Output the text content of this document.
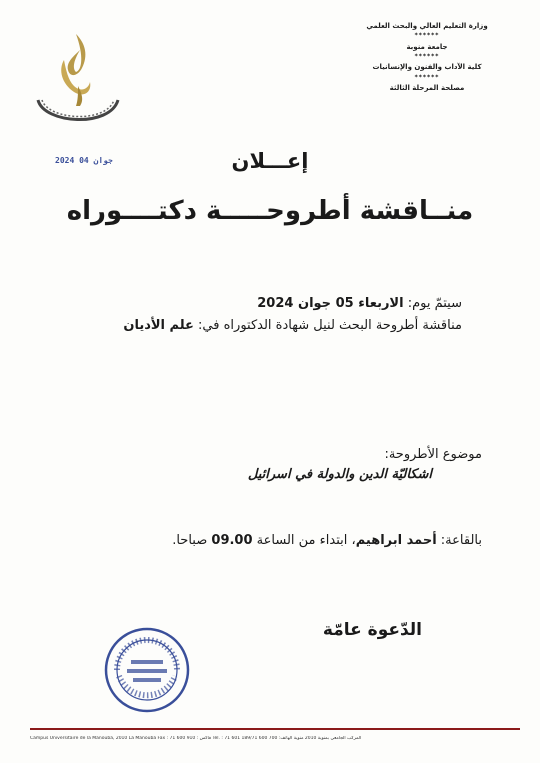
وزارة التعليم العالي والبحث العلمي
******
جامعة منوبة
******
كلية الآداب والفنون والإنسانيات
******
مصلحة المرحلة الثالثة
2024 جوان 04	إعـــلان
منــاقشة أطروحـــــة دكتــــوراه
سيتمّ يوم: الاربعاء 05 جوان 2024
مناقشة أطروحة البحث لنيل شهادة الدكتوراه في: علم الأديان
موضوع الأطروحة:
اشكاليّة الدين والدولة في اسرائيل
بالقاعة: أحمد ابراهيم، ابتداء من الساعة 09.00 صباحا.
الدّعوة عامّة
Campus Universitaire de la Manouba, 2010 La Manouba Fax : 71 600 910 : فاكس Tél. : 71 601 189/71 600 700 :المركب الجامعي بمنوبة 2010 منوبة الهاتف
